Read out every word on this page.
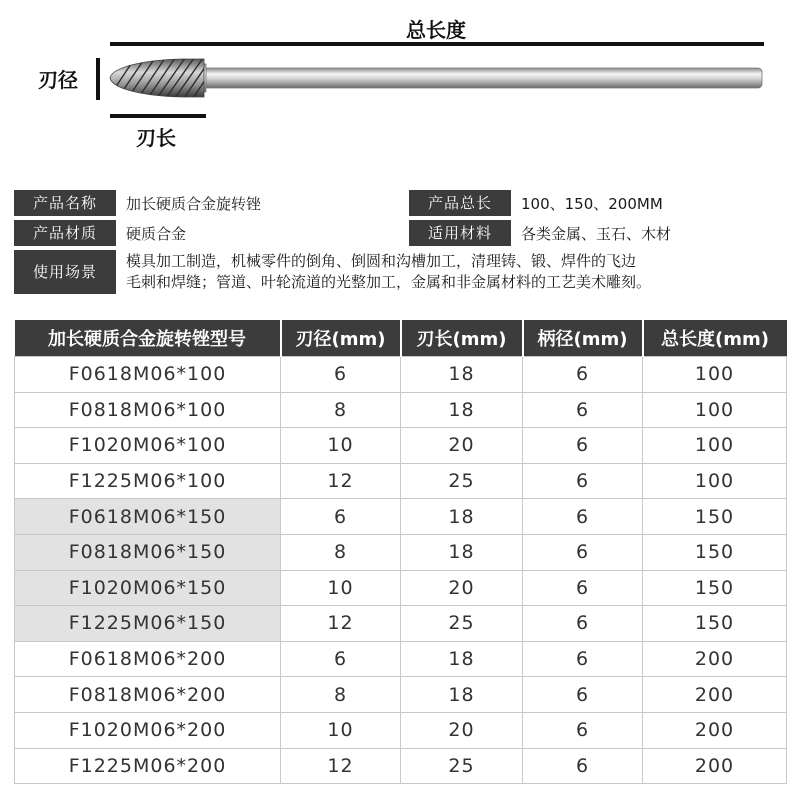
总长度
刃径
刃长
产品名称	加长硬质合金旋转锉	产品总长	100、150、200MM
产品材质	硬质合金	适用材料	各类金属、玉石、木材
使用场景
模具加工制造，机械零件的倒角、倒圆和沟槽加工，清理铸、锻、焊件的飞边
毛刺和焊缝；管道、叶轮流道的光整加工，金属和非金属材料的工艺美术雕刻。
加长硬质合金旋转锉型号	刃径(mm)	刃长(mm)	柄径(mm)	总长度(mm)
F0618M06*100	6	18	6	100
F0818M06*100	8	18	6	100
F1020M06*100	10	20	6	100
F1225M06*100	12	25	6	100
F0618M06*150	6	18	6	150
F0818M06*150	8	18	6	150
F1020M06*150	10	20	6	150
F1225M06*150	12	25	6	150
F0618M06*200	6	18	6	200
F0818M06*200	8	18	6	200
F1020M06*200	10	20	6	200
F1225M06*200	12	25	6	200
